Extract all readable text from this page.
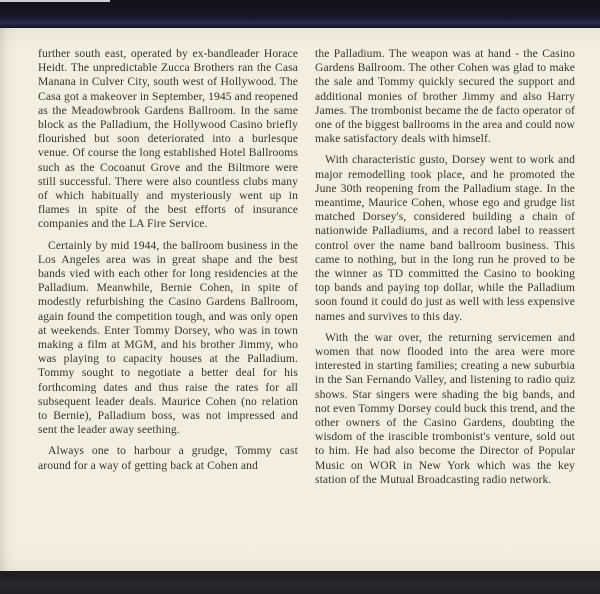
further south east, operated by ex-bandleader Horace Heidt. The unpredictable Zucca Brothers ran the Casa Manana in Culver City, south west of Hollywood. The Casa got a makeover in September, 1945 and reopened as the Meadowbrook Gardens Ballroom. In the same block as the Palladium, the Hollywood Casino briefly flourished but soon deteriorated into a burlesque venue. Of course the long established Hotel Ballrooms such as the Cocoanut Grove and the Biltmore were still successful. There were also countless clubs many of which habitually and mysteriously went up in flames in spite of the best efforts of insurance companies and the LA Fire Service.

Certainly by mid 1944, the ballroom business in the Los Angeles area was in great shape and the best bands vied with each other for long residencies at the Palladium. Meanwhile, Bernie Cohen, in spite of modestly refurbishing the Casino Gardens Ballroom, again found the competition tough, and was only open at weekends. Enter Tommy Dorsey, who was in town making a film at MGM, and his brother Jimmy, who was playing to capacity houses at the Palladium. Tommy sought to negotiate a better deal for his forthcoming dates and thus raise the rates for all subsequent leader deals. Maurice Cohen (no relation to Bernie), Palladium boss, was not impressed and sent the leader away seething.

Always one to harbour a grudge, Tommy cast around for a way of getting back at Cohen and

the Palladium. The weapon was at hand - the Casino Gardens Ballroom. The other Cohen was glad to make the sale and Tommy quickly secured the support and additional monies of brother Jimmy and also Harry James. The trombonist became the de facto operator of one of the biggest ballrooms in the area and could now make satisfactory deals with himself.

With characteristic gusto, Dorsey went to work and major remodelling took place, and he promoted the June 30th reopening from the Palladium stage. In the meantime, Maurice Cohen, whose ego and grudge list matched Dorsey's, considered building a chain of nationwide Palladiums, and a record label to reassert control over the name band ballroom business. This came to nothing, but in the long run he proved to be the winner as TD committed the Casino to booking top bands and paying top dollar, while the Palladium soon found it could do just as well with less expensive names and survives to this day.

With the war over, the returning servicemen and women that now flooded into the area were more interested in starting families; creating a new suburbia in the San Fernando Valley, and listening to radio quiz shows. Star singers were shading the big bands, and not even Tommy Dorsey could buck this trend, and the other owners of the Casino Gardens, doubting the wisdom of the irascible trombonist's venture, sold out to him. He had also become the Director of Popular Music on WOR in New York which was the key station of the Mutual Broadcasting radio network.
